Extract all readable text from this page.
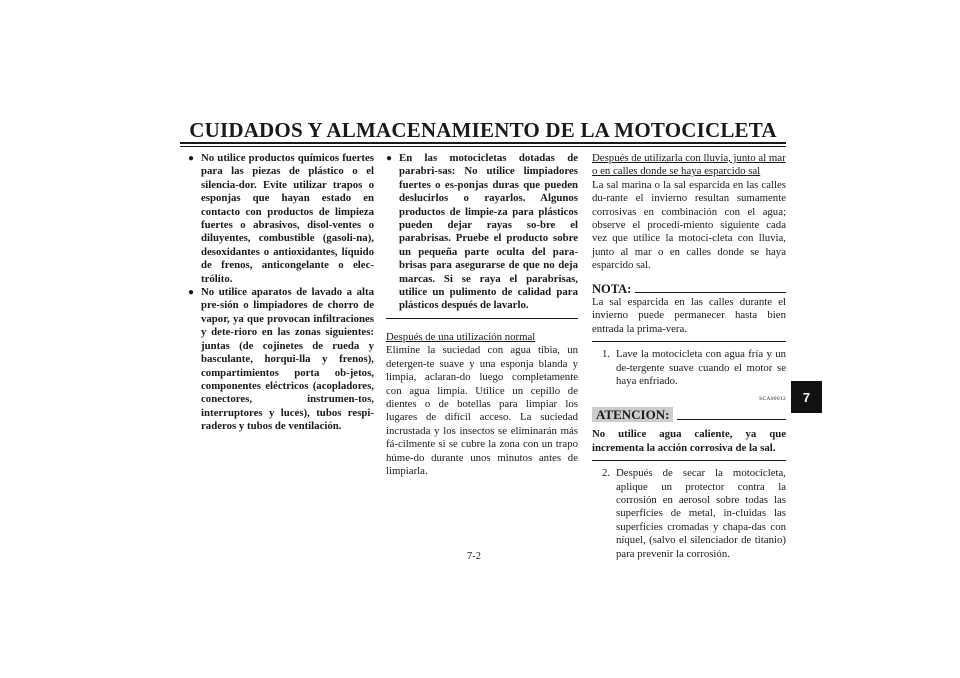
CUIDADOS Y ALMACENAMIENTO DE LA MOTOCICLETA

● No utilice productos químicos fuertes para las piezas de plástico o el silencia-dor. Evite utilizar trapos o esponjas que hayan estado en contacto con productos de limpieza fuertes o abrasivos, disol-ventes o diluyentes, combustible (gasoli-na), desoxidantes o antioxidantes, líquido de frenos, anticongelante o elec-trólito.

● No utilice aparatos de lavado a alta pre-sión o limpiadores de chorro de vapor, ya que provocan infiltraciones y dete-rioro en las zonas siguientes: juntas (de cojinetes de rueda y basculante, horqui-lla y frenos), compartimientos porta ob-jetos, componentes eléctricos (acopladores, conectores, instrumen-tos, interruptores y luces), tubos respi-raderos y tubos de ventilación.

● En las motocicletas dotadas de parabri-sas: No utilice limpiadores fuertes o es-ponjas duras que pueden deslucirlos o rayarlos. Algunos productos de limpie-za para plásticos pueden dejar rayas so-bre el parabrisas. Pruebe el producto sobre un pequeña parte oculta del para-brisas para asegurarse de que no deja marcas. Si se raya el parabrisas, utilice un pulimento de calidad para plásticos después de lavarlo.

Después de una utilización normal

Elimine la suciedad con agua tibia, un detergen-te suave y una esponja blanda y limpia, aclaran-do luego completamente con agua limpia. Utilice un cepillo de dientes o de botellas para limpiar los lugares de difícil acceso. La suciedad incrustada y los insectos se eliminarán más fá-cilmente si se cubre la zona con un trapo húme-do durante unos minutos antes de limpiarla.

Después de utilizarla con lluvia, junto al mar o en calles donde se haya esparcido sal

La sal marina o la sal esparcida en las calles du-rante el invierno resultan sumamente corrosivas en combinación con el agua; observe el procedi-miento siguiente cada vez que utilice la motoci-cleta con lluvia, junto al mar o en calles donde se haya esparcido sal.

NOTA:

La sal esparcida en las calles durante el invierno puede permanecer hasta bien entrada la prima-vera.

1. Lave la motocicleta con agua fría y un de-tergente suave cuando el motor se haya enfriado.
SCA00012
ATENCION:

No utilice agua caliente, ya que incrementa la acción corrosiva de la sal.

2. Después de secar la motocicleta, aplique un protector contra la corrosión en aerosol sobre todas las superficies de metal, in-cluidas las superficies cromadas y chapa-das con níquel, (salvo el silenciador de titanio) para prevenir la corrosión.
7-2
7
